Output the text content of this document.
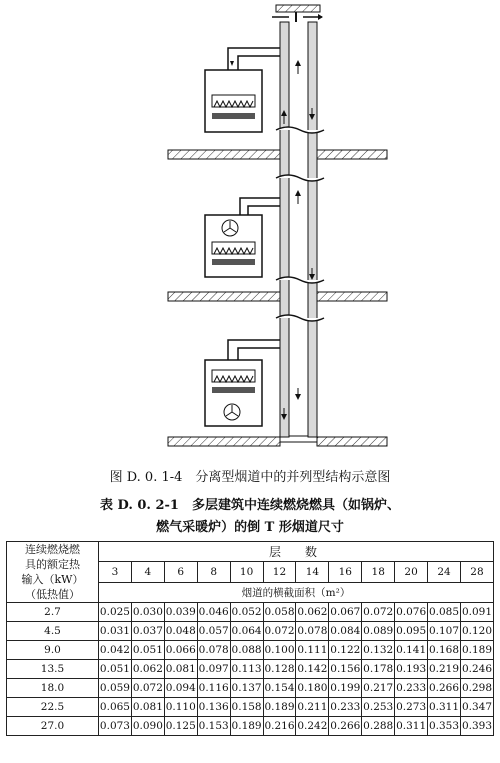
图 D. 0. 1-4　分离型烟道中的并列型结构示意图
表 D. 0. 2-1　多层建筑中连续燃烧燃具（如锅炉、
燃气采暖炉）的倒 T 形烟道尺寸
连续燃烧燃
具的额定热
输入（kW）
（低热值）	层　数											
	3	4	6	8	10	12	14	16	18	20	24	28
	烟道的横截面积（m²）											
2.7	0.025	0.030	0.039	0.046	0.052	0.058	0.062	0.067	0.072	0.076	0.085	0.091
4.5	0.031	0.037	0.048	0.057	0.064	0.072	0.078	0.084	0.089	0.095	0.107	0.120
9.0	0.042	0.051	0.066	0.078	0.088	0.100	0.111	0.122	0.132	0.141	0.168	0.189
13.5	0.051	0.062	0.081	0.097	0.113	0.128	0.142	0.156	0.178	0.193	0.219	0.246
18.0	0.059	0.072	0.094	0.116	0.137	0.154	0.180	0.199	0.217	0.233	0.266	0.298
22.5	0.065	0.081	0.110	0.136	0.158	0.189	0.211	0.233	0.253	0.273	0.311	0.347
27.0	0.073	0.090	0.125	0.153	0.189	0.216	0.242	0.266	0.288	0.311	0.353	0.393
